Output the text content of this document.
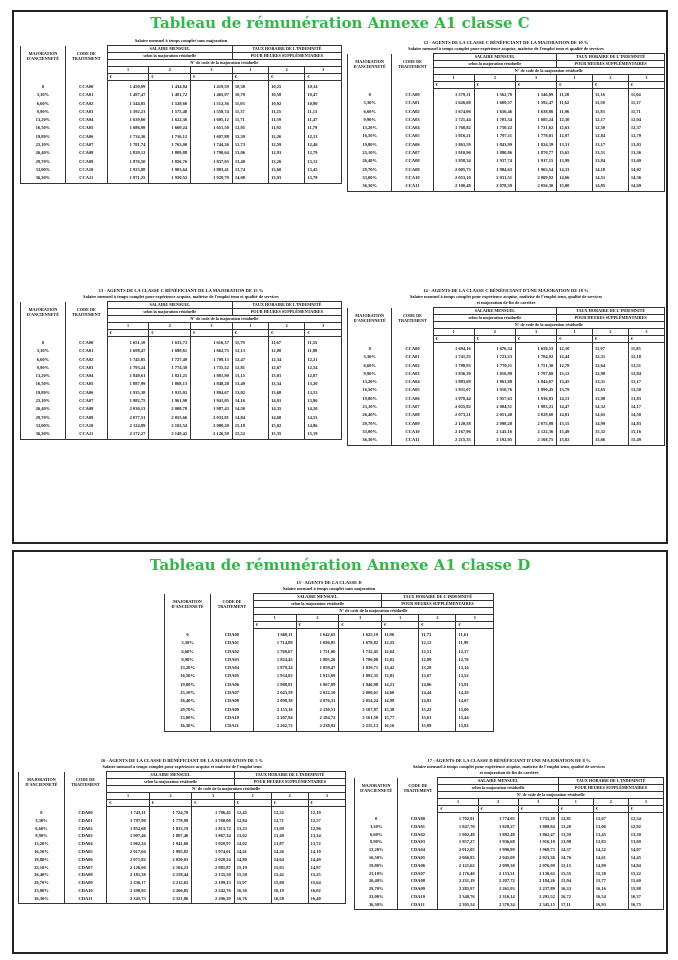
Tableau de rémunération Annexe A1 classe C
Salaire mensuel à temps complet sans majoration
MAJORATION D'ANCIENNETÉ	CODE DE TRAITEMENT	SALAIRE MENSUEL			TAUX HORAIRE DE L'INDEMNITÉ		
		selon la majoration résiduelle			POUR HEURES SUPPLÉMENTAIRES		
		N° de code de la majoration résiduelle					
		1	2	3	1	2	3
		€	€	€	€	€	€
0	CCA00	1 450,09	1 434,84	1 419,59	10,38	10,25	10,14
3,30%	CCA01	1 497,47	1 481,72	1 465,97	10,70	10,58	10,47
6,60%	CCA02	1 544,85	1 528,60	1 512,36	11,03	10,92	10,80
9,90%	CCA03	1 592,23	1 575,48	1 558,74	11,37	11,25	11,13
13,20%	CCA04	1 639,60	1 622,36	1 605,12	11,71	11,59	11,47
16,50%	CCA05	1 686,98	1 669,24	1 651,50	12,05	11,92	11,79
19,80%	CCA06	1 734,36	1 716,12	1 697,88	12,39	12,26	12,13
23,10%	CCA07	1 781,74	1 763,00	1 744,26	12,73	12,59	12,46
26,40%	CCA08	1 829,12	1 809,88	1 790,64	13,06	12,93	12,79
29,70%	CCA09	1 876,50	1 856,76	1 837,03	13,40	13,26	13,12
33,00%	CCA10	1 923,88	1 903,64	1 883,41	13,74	13,60	13,45
36,30%	CCA11	1 971,25	1 950,52	1 929,79	14,08	13,93	13,78
12 - AGENTS DE LA CLASSE C BÉNÉFICIANT DE LA MAJORATION DE 10 %
Salaire mensuel à temps complet pour expérience acquise, maîtrise de l'emploi tenu et qualité de services
MAJORATION D'ANCIENNETÉ	CODE DE TRAITEMENT	SALAIRE MENSUEL			TAUX HORAIRE DE L'INDEMNITÉ		
		selon la majoration résiduelle			POUR HEURES SUPPLÉMENTAIRES		
		N° de code de la majoration résiduelle					
		1	2	3	1	2	3
		€	€	€	€	€	€
0	CCA00	1 579,31	1 562,70	1 546,09	11,28	11,16	11,04
3,30%	CCA01	1 626,68	1 609,57	1 592,47	11,62	11,50	11,37
6,60%	CCA02	1 674,06	1 656,46	1 638,86	11,96	11,83	11,71
9,90%	CCA03	1 721,44	1 703,34	1 685,24	12,30	12,17	12,04
13,20%	CCA04	1 768,82	1 750,22	1 731,62	12,63	12,50	12,37
16,50%	CCA05	1 816,21	1 797,11	1 778,01	12,97	12,84	12,70
19,80%	CCA06	1 863,59	1 843,99	1 824,39	13,31	13,17	13,03
23,10%	CCA07	1 910,96	1 890,86	1 870,77	13,65	13,51	13,36
26,40%	CCA08	1 958,34	1 937,74	1 917,15	13,99	13,84	13,69
29,70%	CCA09	2 005,73	1 984,63	1 963,54	14,33	14,18	14,02
33,00%	CCA10	2 053,10	2 031,51	2 009,92	14,66	14,51	14,36
36,30%	CCA11	2 100,48	2 078,39	2 056,30	15,00	14,85	14,69
13 - AGENTS DE LA CLASSE C BÉNÉFICIANT DE LA MAJORATION DE 15 %
Salaire mensuel à temps complet pour expérience acquise, maîtrise de l'emploi tenu et qualité de services
MAJORATION D'ANCIENNETÉ	CODE DE TRAITEMENT	SALAIRE MENSUEL			TAUX HORAIRE DE L'INDEMNITÉ		
		selon la majoration résiduelle			POUR HEURES SUPPLÉMENTAIRES		
		N° de code de la majoration résiduelle					
		1	2	3	1	2	3
		€	€	€	€	€	€
0	CCA00	1 651,10	1 633,73	1 616,37	11,79	11,67	11,55
3,30%	CCA01	1 698,47	1 680,61	1 662,75	12,13	12,00	11,88
6,60%	CCA02	1 745,85	1 727,49	1 709,13	12,47	12,34	12,21
9,90%	CCA03	1 793,24	1 774,38	1 755,52	12,81	12,67	12,54
13,20%	CCA04	1 840,61	1 821,25	1 801,90	13,15	13,01	12,87
16,50%	CCA05	1 887,99	1 868,13	1 848,28	13,49	13,34	13,20
19,80%	CCA06	1 935,38	1 915,02	1 894,67	13,82	13,68	13,53
23,10%	CCA07	1 982,75	1 961,90	1 941,05	14,16	14,01	13,86
26,40%	CCA08	2 030,13	2 008,78	1 987,43	14,50	14,35	14,20
29,70%	CCA09	2 077,51	2 055,66	2 033,81	14,84	14,68	14,53
33,00%	CCA10	2 124,89	2 102,54	2 080,20	15,18	15,02	14,86
36,30%	CCA11	2 172,27	2 149,42	2 126,58	15,52	15,35	15,19
14 - AGENTS DE LA CLASSE C BÉNÉFICIANT D'UNE MAJORATION DE 18 %
Salaire mensuel à temps complet pour expérience acquise, maîtrise de l'emploi tenu, qualité de services
et majoration de fin de carrière
MAJORATION D'ANCIENNETÉ	CODE DE TRAITEMENT	SALAIRE MENSUEL			TAUX HORAIRE DE L'INDEMNITÉ		
		selon la majoration résiduelle			POUR HEURES SUPPLÉMENTAIRES		
		N° de code de la majoration résiduelle					
		1	2	3	1	2	3
		€	€	€	€	€	€
0	CCA00	1 694,16	1 676,34	1 658,53	12,10	11,97	11,85
3,30%	CCA01	1 741,55	1 723,23	1 704,92	12,44	12,31	12,18
6,60%	CCA02	1 788,93	1 770,11	1 751,30	12,78	12,64	12,51
9,90%	CCA03	1 836,30	1 816,99	1 797,68	13,12	12,98	12,84
13,20%	CCA04	1 883,69	1 863,88	1 844,07	13,45	13,31	13,17
16,50%	CCA05	1 931,07	1 910,76	1 890,45	13,79	13,65	13,50
19,80%	CCA06	1 978,44	1 957,63	1 936,83	14,13	13,98	13,83
23,10%	CCA07	2 025,82	2 004,51	1 983,21	14,47	14,32	14,17
26,40%	CCA08	2 073,21	2 051,40	2 029,60	14,81	14,65	14,50
29,70%	CCA09	2 120,58	2 098,28	2 075,98	15,15	14,99	14,83
33,00%	CCA10	2 167,96	2 145,16	2 122,36	15,49	15,32	15,16
36,30%	CCA11	2 215,35	2 192,05	2 168,75	15,82	15,66	15,49
Tableau de rémunération Annexe A1 classe D
15 - AGENTS DE LA CLASSE D
Salaire mensuel à temps complet sans majoration
MAJORATION D'ANCIENNETÉ	CODE DE TRAITEMENT	SALAIRE MENSUEL			TAUX HORAIRE DE L'INDEMNITÉ		
		selon la majoration résiduelle			POUR HEURES SUPPLÉMENTAIRES		
		N° de code de la majoration résiduelle					
		1	2	3	1	2	3
		€	€	€	€	€	€
0	CDA00	1 660,11	1 642,65	1 625,19	11,86	11,73	11,61
3,30%	CDA01	1 714,89	1 696,85	1 678,82	12,25	12,12	11,99
6,60%	CDA02	1 769,67	1 751,06	1 732,45	12,64	12,51	12,37
9,90%	CDA03	1 824,45	1 805,26	1 786,08	13,03	12,89	12,76
13,20%	CDA04	1 879,24	1 859,47	1 839,71	13,42	13,28	13,14
16,50%	CDA05	1 934,03	1 913,69	1 893,35	13,81	13,67	13,52
19,80%	CDA06	1 988,81	1 967,89	1 946,98	14,21	14,06	13,91
23,10%	CDA07	2 043,59	2 022,10	2 000,61	14,60	14,44	14,29
26,40%	CDA08	2 098,38	2 076,31	2 054,24	14,99	14,83	14,67
29,70%	CDA09	2 153,16	2 130,51	2 107,87	15,38	15,22	15,06
33,00%	CDA10	2 207,94	2 184,72	2 161,50	15,77	15,61	15,44
36,30%	CDA11	2 262,72	2 238,92	2 215,13	16,16	15,99	15,82
16 - AGENTS DE LA CLASSE D BÉNÉFICIANT DE LA MAJORATION DE 5 %
Salaire mensuel à temps complet pour expérience acquise et maîtrise de l'emploi tenu
MAJORATION D'ANCIENNETÉ	CODE DE TRAITEMENT	SALAIRE MENSUEL			TAUX HORAIRE DE L'INDEMNITÉ		
		selon la majoration résiduelle			POUR HEURES SUPPLÉMENTAIRES		
		N° de code de la majoration résiduelle					
		1	2	3	1	2	3
		€	€	€	€	€	€
0	CDA00	1 743,11	1 724,78	1 706,45	12,45	12,32	12,19
3,30%	CDA01	1 797,90	1 778,99	1 760,08	12,84	12,71	12,57
6,60%	CDA02	1 852,68	1 833,19	1 813,72	13,23	13,09	12,96
9,90%	CDA03	1 907,46	1 887,40	1 867,34	13,62	13,48	13,34
13,20%	CDA04	1 962,24	1 941,60	1 920,97	14,02	13,87	13,72
16,50%	CDA05	2 017,04	1 995,82	1 974,61	14,41	14,26	14,10
19,80%	CDA06	2 071,82	2 050,03	2 028,24	14,80	14,64	14,49
23,10%	CDA07	2 126,60	2 104,23	2 081,87	15,19	15,03	14,87
26,40%	CDA08	2 181,38	2 158,44	2 135,50	15,58	15,42	15,25
29,70%	CDA09	2 236,17	2 212,65	2 189,13	15,97	15,80	15,64
33,00%	CDA10	2 290,95	2 266,85	2 242,76	16,36	16,19	16,02
36,30%	CDA11	2 345,73	2 321,06	2 296,39	16,76	16,58	16,40
17 - AGENTS DE LA CLASSE D BÉNÉFICIANT D'UNE MAJORATION DE 8 %
Salaire mensuel à temps complet pour expérience acquise, maîtrise de l'emploi tenu, qualité de services
et majoration de fin de carrière
MAJORATION D'ANCIENNETÉ	CODE DE TRAITEMENT	SALAIRE MENSUEL			TAUX HORAIRE DE L'INDEMNITÉ		
		selon la majoration résiduelle			POUR HEURES SUPPLÉMENTAIRES		
		N° de code de la majoration résiduelle					
		1	2	3	1	2	3
		€	€	€	€	€	€
0	CDA00	1 792,91	1 774,05	1 755,20	12,81	12,67	12,54
3,30%	CDA01	1 847,70	1 828,27	1 808,84	13,20	13,06	12,92
6,60%	CDA02	1 902,48	1 882,48	1 862,47	13,59	13,45	13,30
9,90%	CDA03	1 957,27	1 936,68	1 916,10	13,98	13,83	13,69
13,20%	CDA04	2 012,05	1 990,89	1 969,73	14,37	14,22	14,07
16,50%	CDA05	2 066,83	2 045,09	2 023,36	14,76	14,61	14,45
19,80%	CDA06	2 121,62	2 099,30	2 076,99	15,15	14,99	14,84
23,10%	CDA07	2 176,40	2 153,51	2 130,62	15,55	15,38	15,22
26,40%	CDA08	2 231,19	2 207,72	2 184,26	15,94	15,77	15,60
29,70%	CDA09	2 285,97	2 261,93	2 237,89	16,33	16,16	15,98
33,00%	CDA10	2 340,76	2 316,14	2 291,52	16,72	16,54	16,37
36,30%	CDA11	2 395,54	2 370,34	2 345,15	17,11	16,93	16,75
